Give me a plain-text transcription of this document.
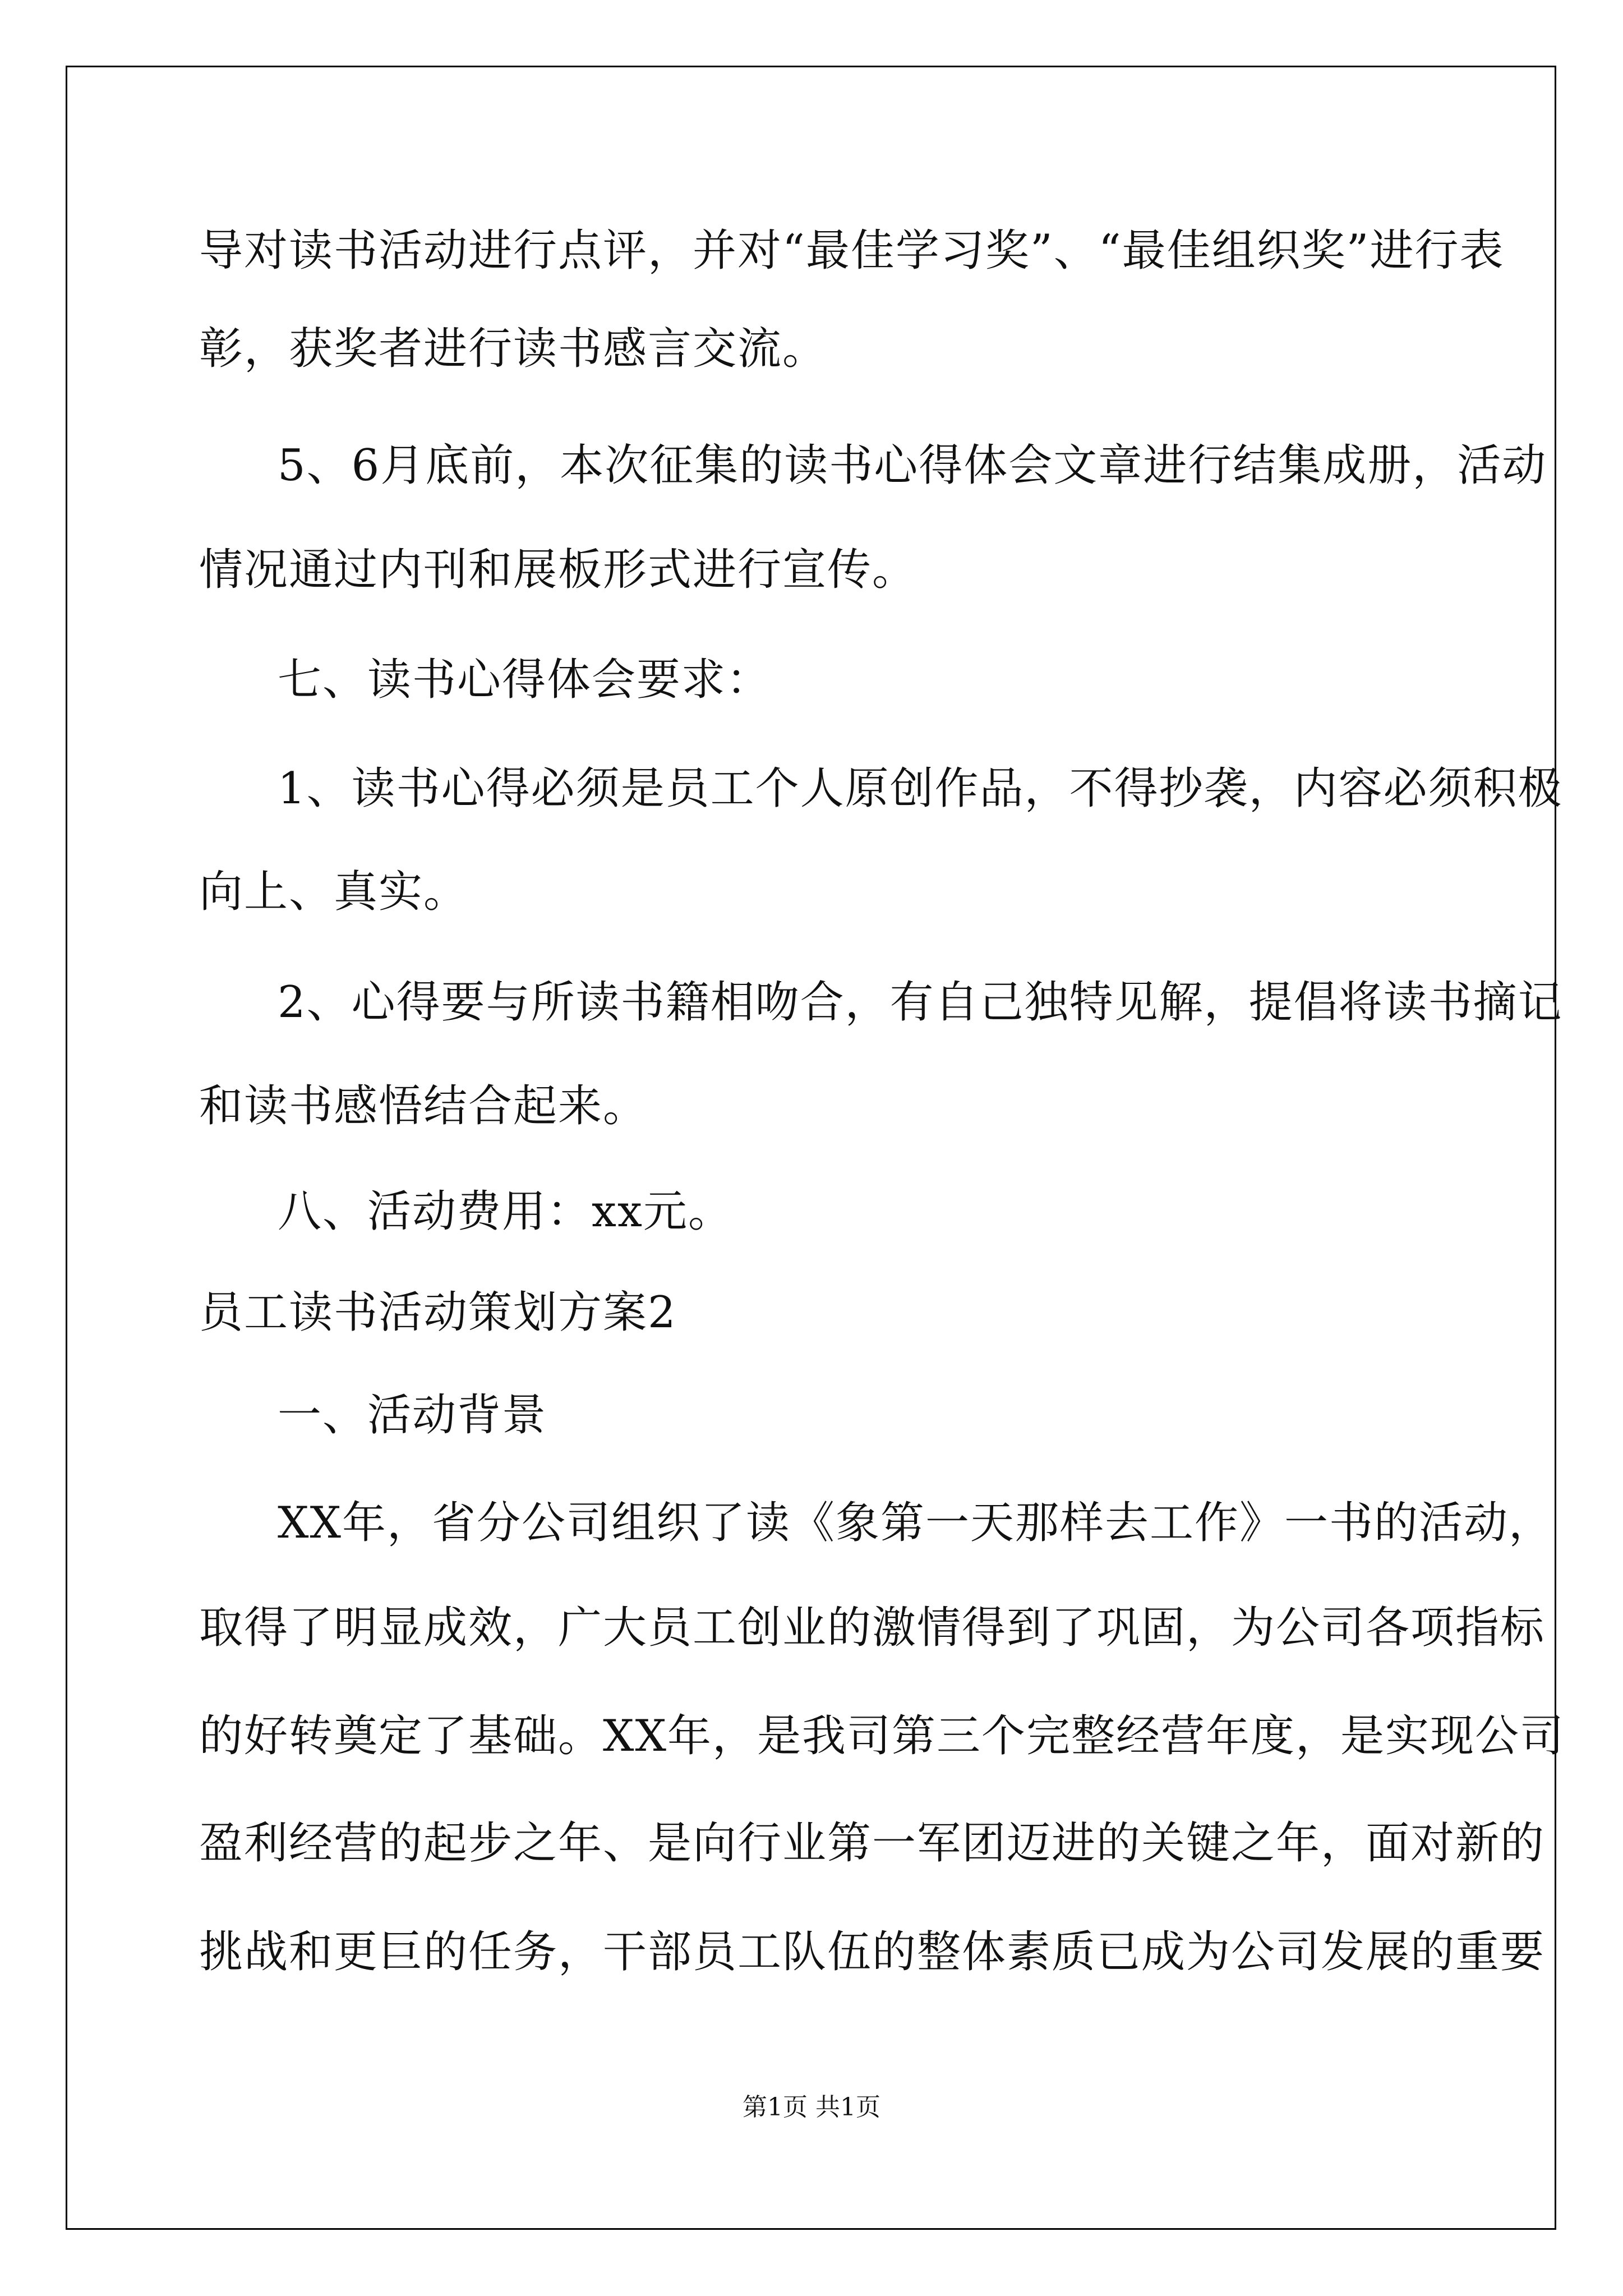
导对读书活动进行点评，并对“最佳学习奖”、“最佳组织奖”进行表
彰，获奖者进行读书感言交流。
5、6月底前，本次征集的读书心得体会文章进行结集成册，活动
情况通过内刊和展板形式进行宣传。
七、读书心得体会要求：
1、读书心得必须是员工个人原创作品，不得抄袭，内容必须积极
向上、真实。
2、心得要与所读书籍相吻合，有自己独特见解，提倡将读书摘记
和读书感悟结合起来。
八、活动费用：xx元。
员工读书活动策划方案2
一、活动背景
XX年，省分公司组织了读《象第一天那样去工作》一书的活动，
取得了明显成效，广大员工创业的激情得到了巩固，为公司各项指标
的好转奠定了基础。XX年，是我司第三个完整经营年度，是实现公司
盈利经营的起步之年、是向行业第一军团迈进的关键之年，面对新的
挑战和更巨的任务，干部员工队伍的整体素质已成为公司发展的重要
第1页 共1页
